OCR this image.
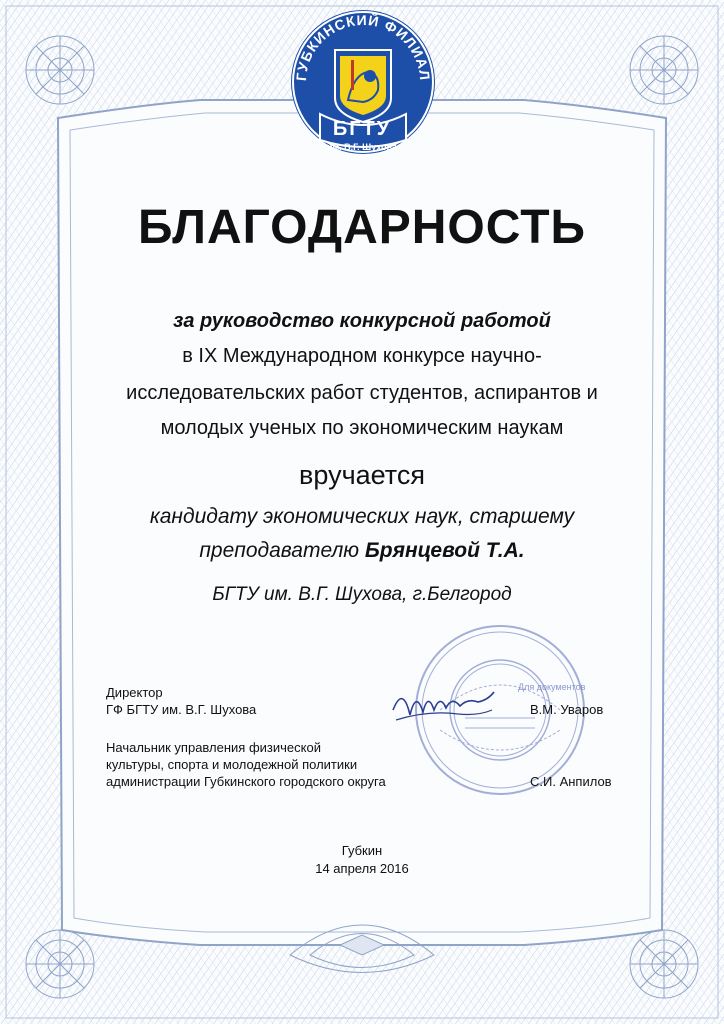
ГУБКИНСКИЙ ФИЛИАЛ
БГТУ
им. В.Г. Шухова
БЛАГОДАРНОСТЬ
за руководство конкурсной работой
в IX Международном конкурсе научно-
исследовательских работ студентов, аспирантов и
молодых ученых по экономическим наукам
вручается
кандидату экономических наук, старшему
преподавателю Брянцевой Т.А.
БГТУ им. В.Г. Шухова, г.Белгород
Для документов
Директор
ГФ БГТУ им. В.Г. Шухова	В.М. Уваров
Начальник управления физической
культуры, спорта и молодежной политики
администрации Губкинского городского округа	С.И. Анпилов
Губкин
14 апреля 2016
